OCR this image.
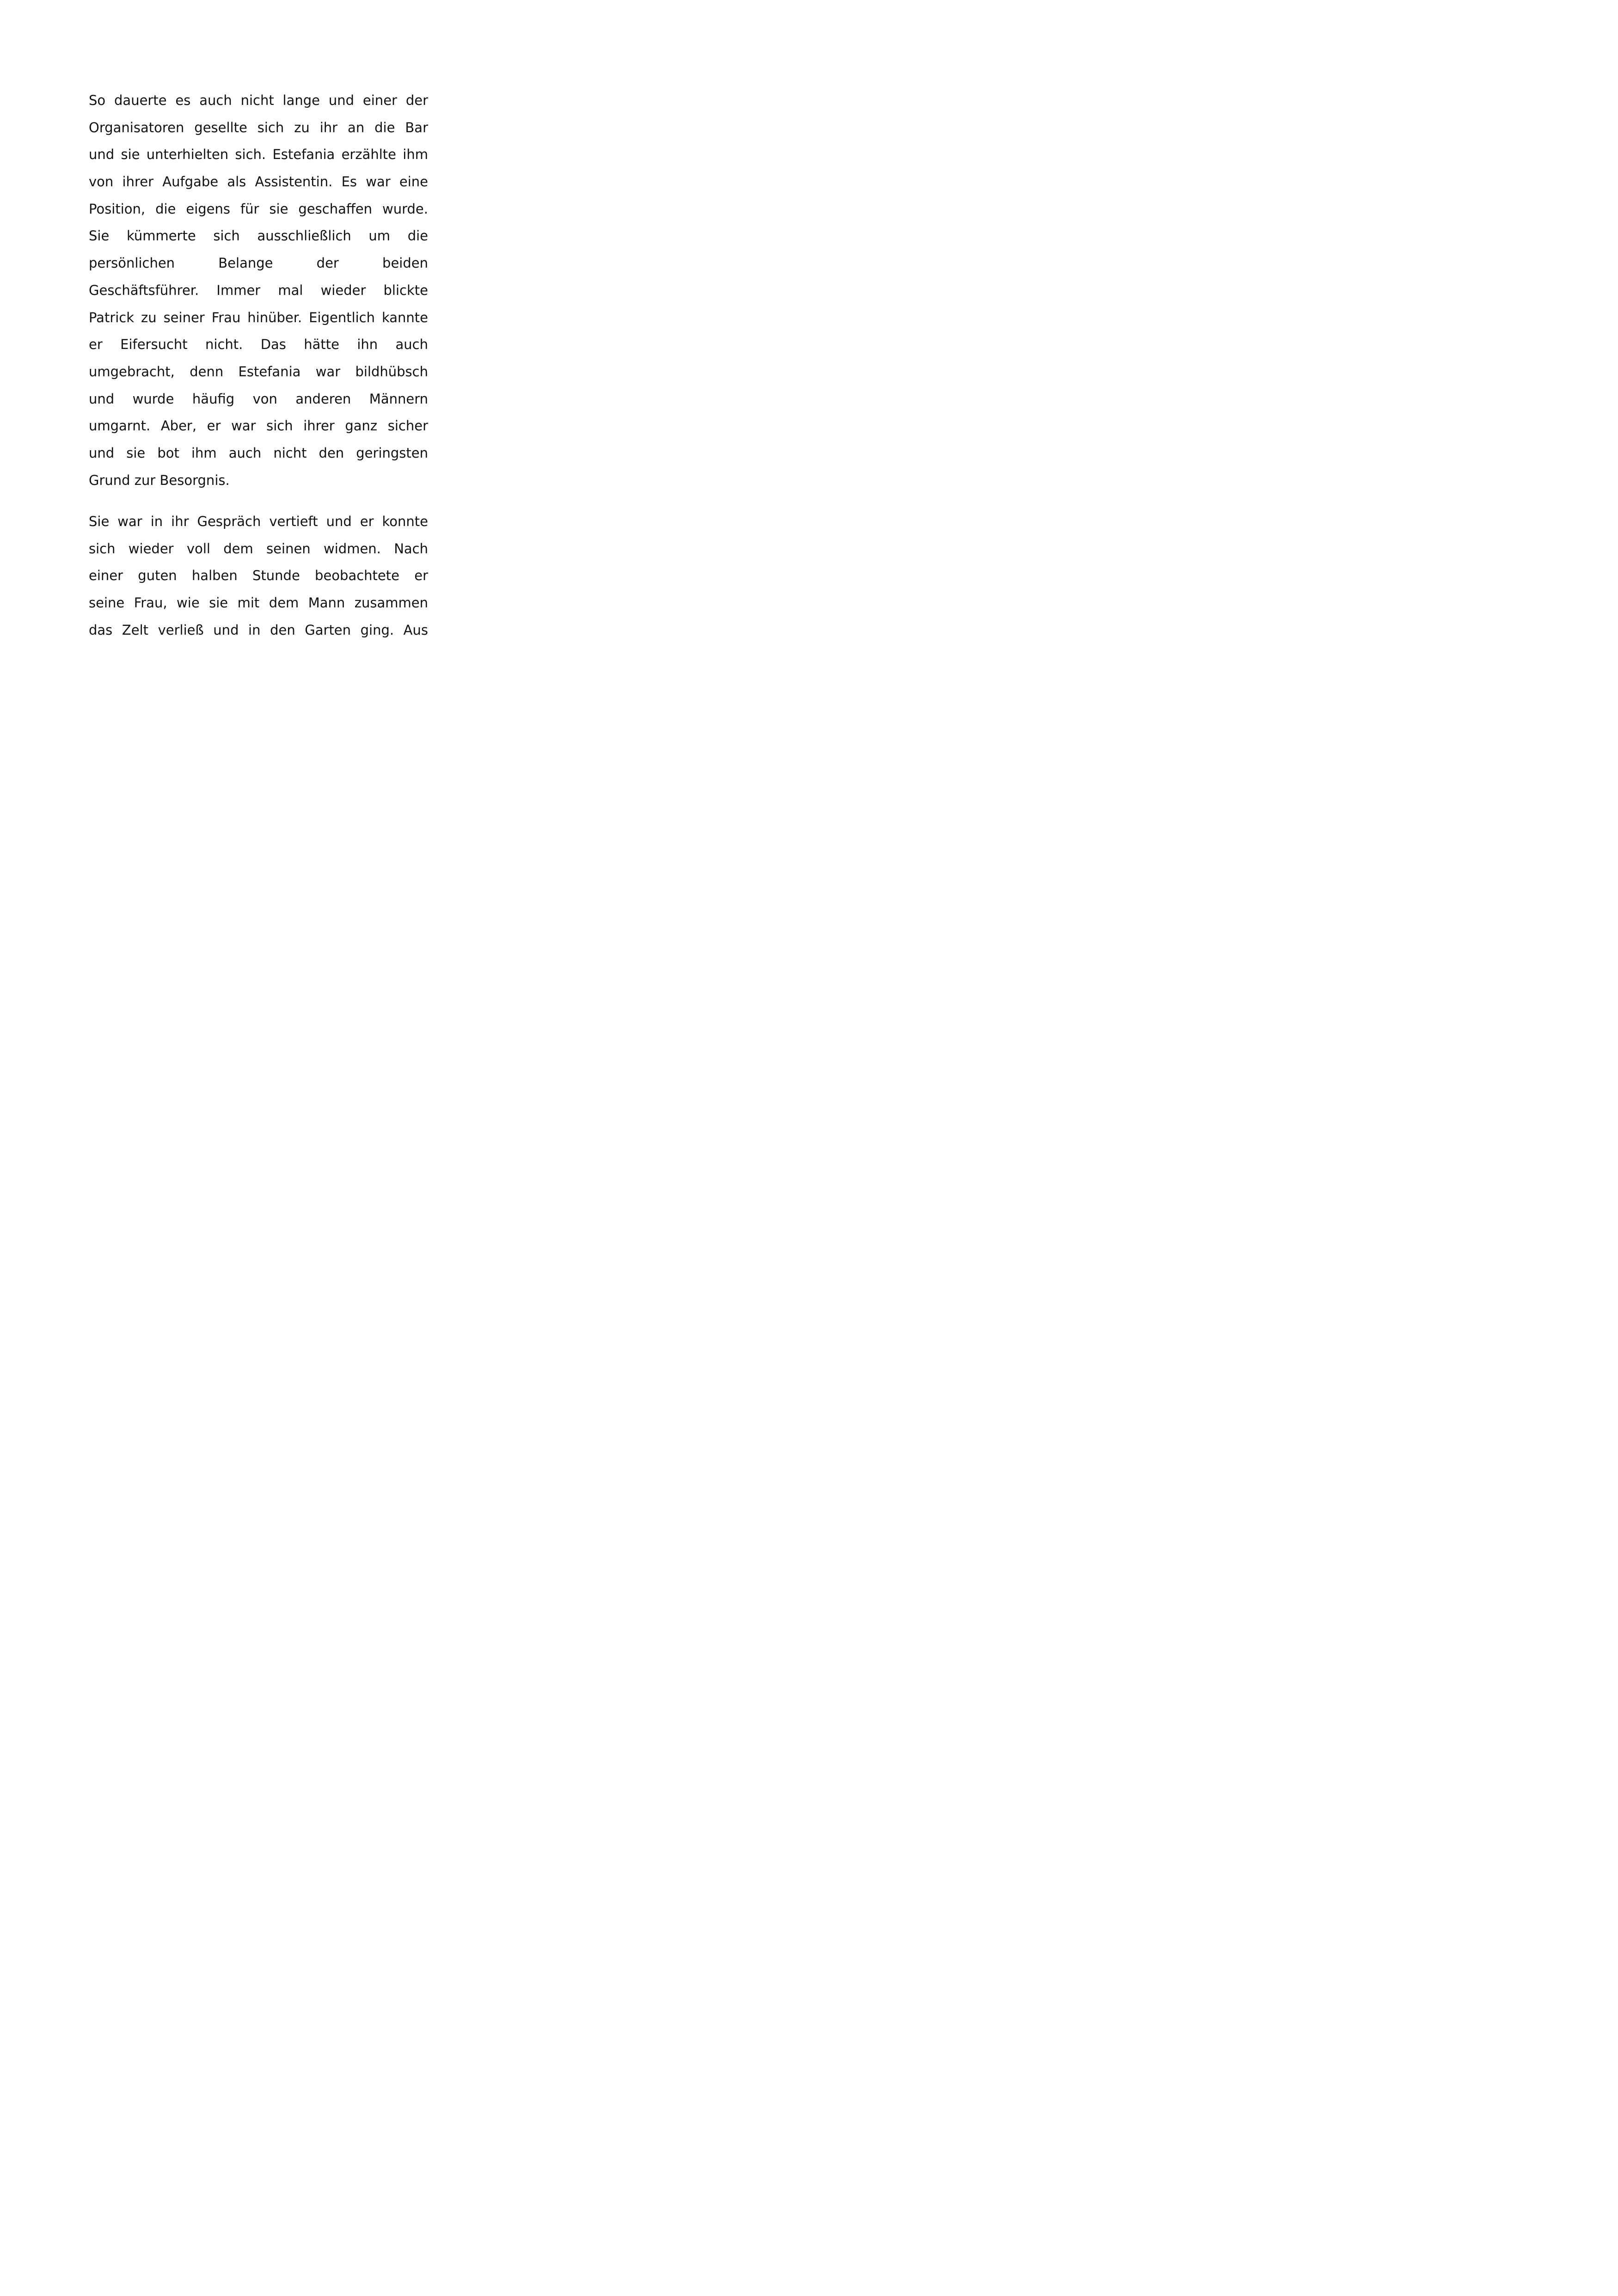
So dauerte es auch nicht lange und einer der
Organisatoren gesellte sich zu ihr an die Bar
und sie unterhielten sich. Estefania erzählte ihm
von ihrer Aufgabe als Assistentin. Es war eine
Position, die eigens für sie geschaffen wurde.
Sie kümmerte sich ausschließlich um die
persönlichen Belange der beiden
Geschäftsführer. Immer mal wieder blickte
Patrick zu seiner Frau hinüber. Eigentlich kannte
er Eifersucht nicht. Das hätte ihn auch
umgebracht, denn Estefania war bildhübsch
und wurde häufig von anderen Männern
umgarnt. Aber, er war sich ihrer ganz sicher
und sie bot ihm auch nicht den geringsten
Grund zur Besorgnis.
Sie war in ihr Gespräch vertieft und er konnte
sich wieder voll dem seinen widmen. Nach
einer guten halben Stunde beobachtete er
seine Frau, wie sie mit dem Mann zusammen
das Zelt verließ und in den Garten ging. Aus
